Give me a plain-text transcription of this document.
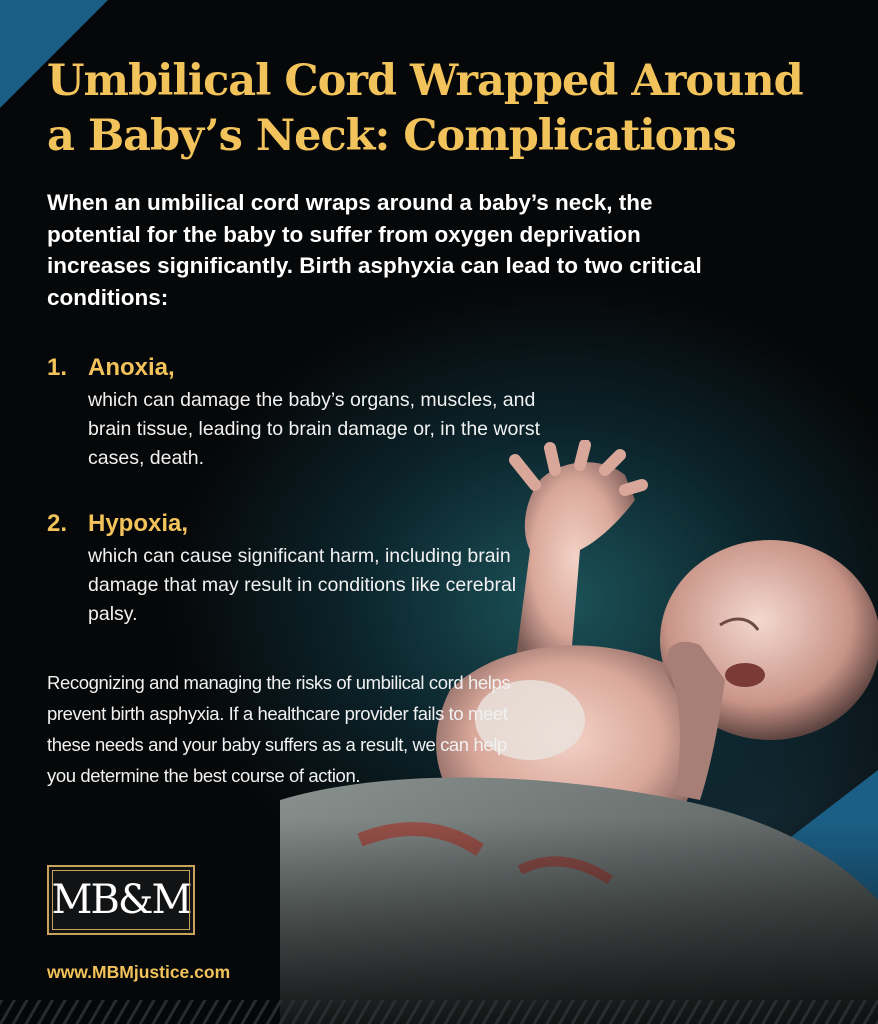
Umbilical Cord Wrapped Around
a Baby’s Neck: Complications

When an umbilical cord wraps around a baby’s neck, the potential for the baby to suffer from oxygen deprivation increases significantly. Birth asphyxia can lead to two critical conditions:

1. Anoxia,
which can damage the baby’s organs, muscles, and brain tissue, leading to brain damage or, in the worst cases, death.
2. Hypoxia,
which can cause significant harm, including brain damage that may result in conditions like cerebral palsy.

Recognizing and managing the risks of umbilical cord helps prevent birth asphyxia. If a healthcare provider fails to meet these needs and your baby suffers as a result, we can help you determine the best course of action.

MB&M
www.MBMjustice.com
